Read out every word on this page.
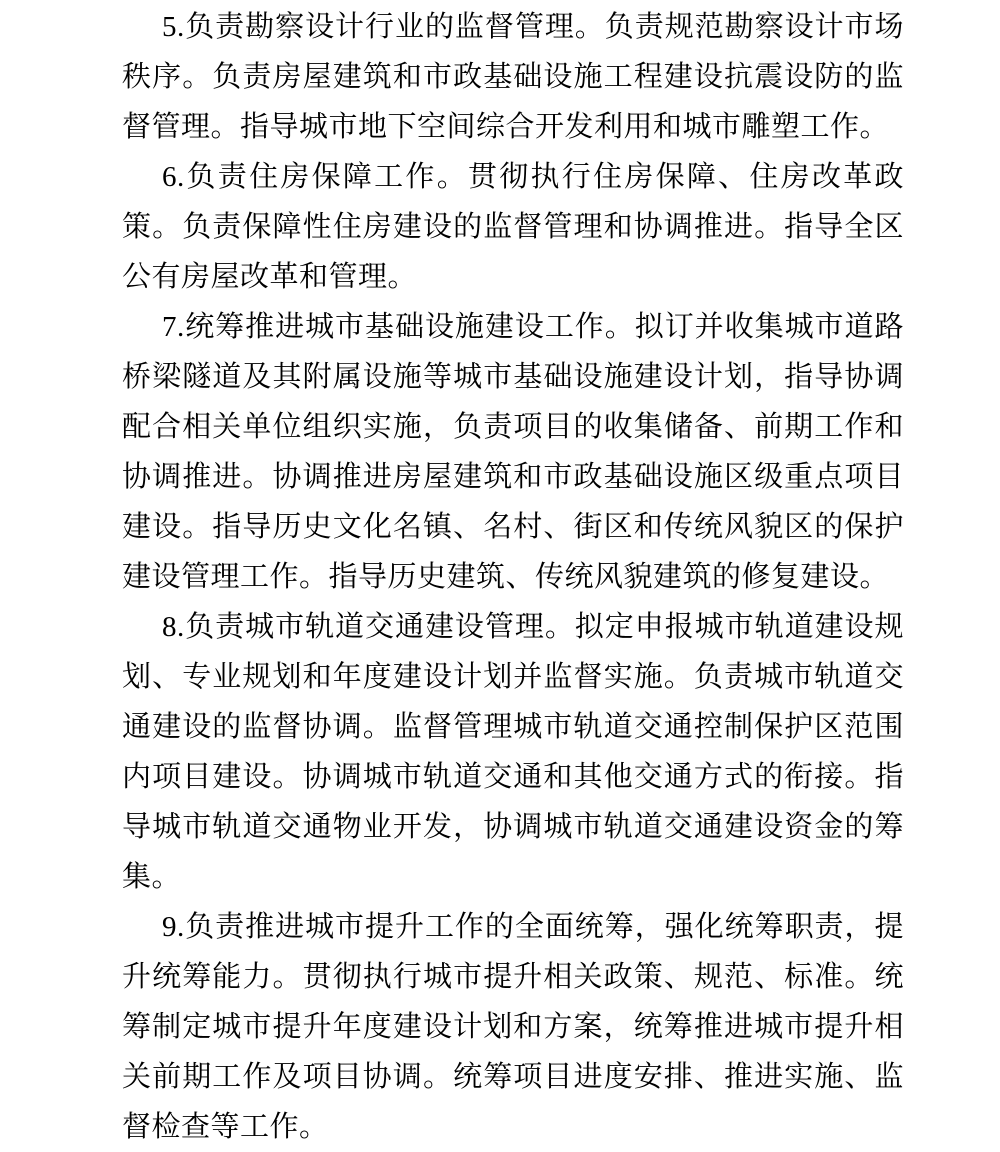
5.负责勘察设计行业的监督管理。负责规范勘察设计市场秩序。负责房屋建筑和市政基础设施工程建设抗震设防的监督管理。指导城市地下空间综合开发利用和城市雕塑工作。

6.负责住房保障工作。贯彻执行住房保障、住房改革政策。负责保障性住房建设的监督管理和协调推进。指导全区公有房屋改革和管理。

7.统筹推进城市基础设施建设工作。拟订并收集城市道路桥梁隧道及其附属设施等城市基础设施建设计划，指导协调配合相关单位组织实施，负责项目的收集储备、前期工作和协调推进。协调推进房屋建筑和市政基础设施区级重点项目建设。指导历史文化名镇、名村、街区和传统风貌区的保护建设管理工作。指导历史建筑、传统风貌建筑的修复建设。

8.负责城市轨道交通建设管理。拟定申报城市轨道建设规划、专业规划和年度建设计划并监督实施。负责城市轨道交通建设的监督协调。监督管理城市轨道交通控制保护区范围内项目建设。协调城市轨道交通和其他交通方式的衔接。指导城市轨道交通物业开发，协调城市轨道交通建设资金的筹集。

9.负责推进城市提升工作的全面统筹，强化统筹职责，提升统筹能力。贯彻执行城市提升相关政策、规范、标准。统筹制定城市提升年度建设计划和方案，统筹推进城市提升相关前期工作及项目协调。统筹项目进度安排、推进实施、监督检查等工作。
